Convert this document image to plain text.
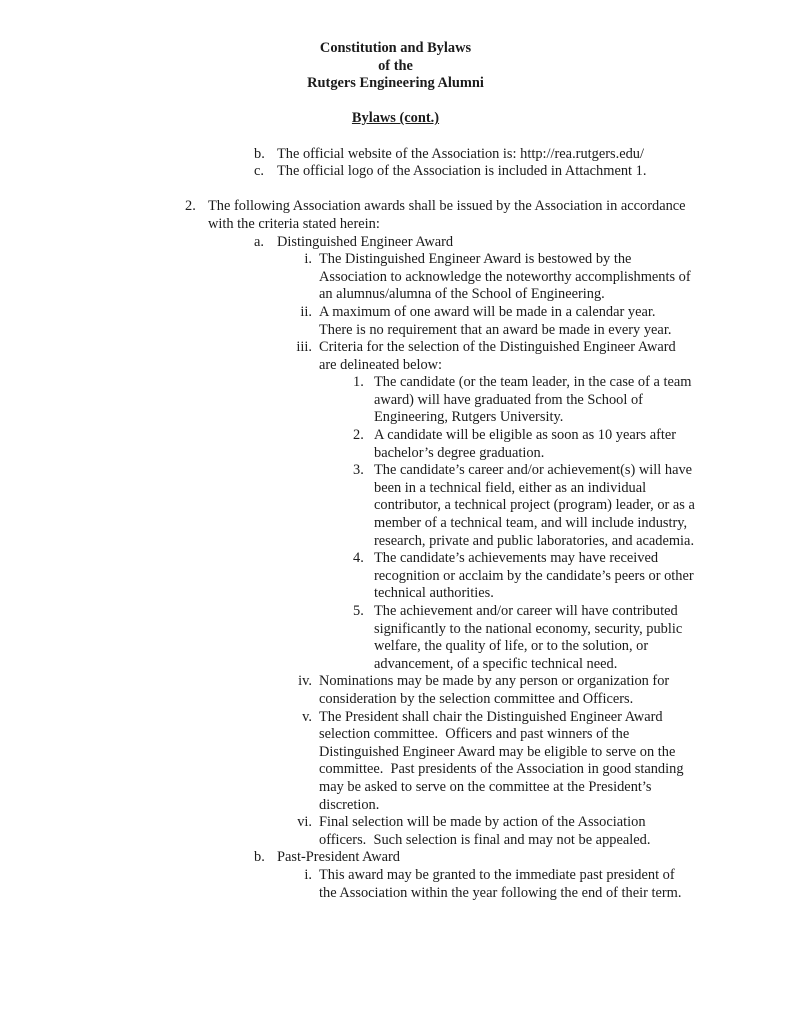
Constitution and Bylaws
of the
Rutgers Engineering Alumni
Bylaws (cont.)
b. The official website of the Association is: http://rea.rutgers.edu/
c. The official logo of the Association is included in Attachment 1.
2. The following Association awards shall be issued by the Association in accordance
with the criteria stated herein:
a. Distinguished Engineer Award
i. The Distinguished Engineer Award is bestowed by the
Association to acknowledge the noteworthy accomplishments of
an alumnus/alumna of the School of Engineering.
ii. A maximum of one award will be made in a calendar year.
There is no requirement that an award be made in every year.
iii. Criteria for the selection of the Distinguished Engineer Award
are delineated below:
1. The candidate (or the team leader, in the case of a team
award) will have graduated from the School of
Engineering, Rutgers University.
2. A candidate will be eligible as soon as 10 years after
bachelor’s degree graduation.
3. The candidate’s career and/or achievement(s) will have
been in a technical field, either as an individual
contributor, a technical project (program) leader, or as a
member of a technical team, and will include industry,
research, private and public laboratories, and academia.
4. The candidate’s achievements may have received
recognition or acclaim by the candidate’s peers or other
technical authorities.
5. The achievement and/or career will have contributed
significantly to the national economy, security, public
welfare, the quality of life, or to the solution, or
advancement, of a specific technical need.
iv. Nominations may be made by any person or organization for
consideration by the selection committee and Officers.
v. The President shall chair the Distinguished Engineer Award
selection committee.  Officers and past winners of the
Distinguished Engineer Award may be eligible to serve on the
committee.  Past presidents of the Association in good standing
may be asked to serve on the committee at the President’s
discretion.
vi. Final selection will be made by action of the Association
officers.  Such selection is final and may not be appealed.
b. Past-President Award
i. This award may be granted to the immediate past president of
the Association within the year following the end of their term.
